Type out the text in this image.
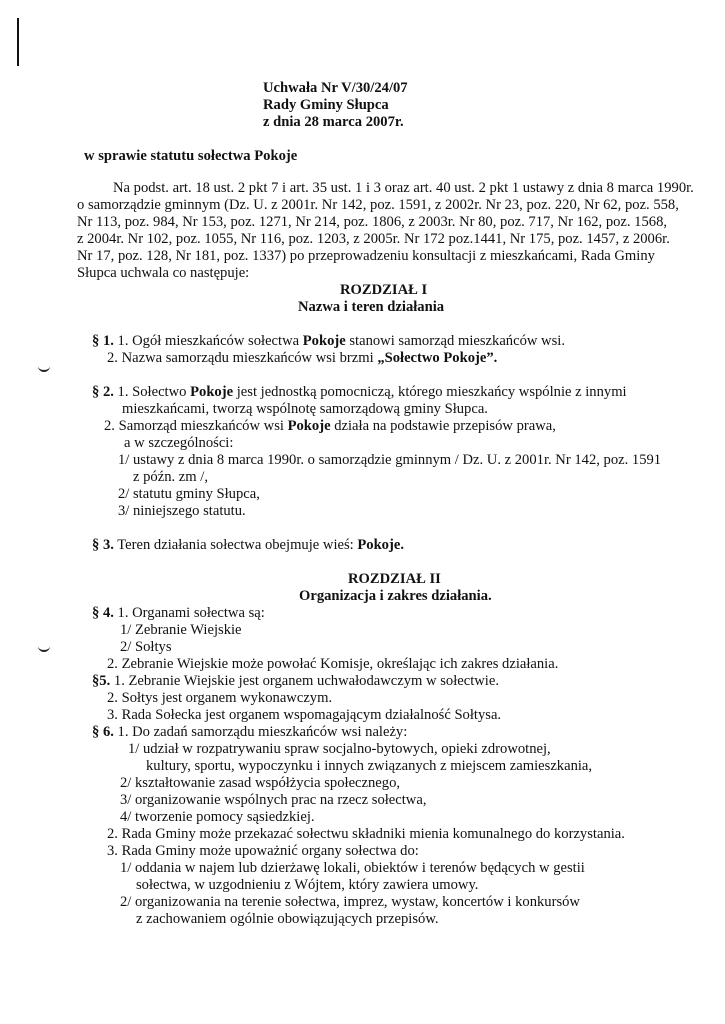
Uchwała Nr V/30/24/07
Rady Gminy Słupca
z dnia 28 marca 2007r.
w sprawie statutu sołectwa Pokoje
Na podst. art. 18 ust. 2 pkt 7 i art. 35 ust. 1 i 3 oraz art. 40 ust. 2 pkt 1 ustawy z dnia 8 marca 1990r.
o samorządzie gminnym (Dz. U. z 2001r. Nr 142, poz. 1591, z 2002r. Nr 23, poz. 220, Nr 62, poz. 558,
Nr 113, poz. 984, Nr 153, poz. 1271, Nr 214, poz. 1806, z 2003r. Nr 80, poz. 717, Nr 162, poz. 1568,
z 2004r. Nr 102, poz. 1055, Nr 116, poz. 1203, z 2005r. Nr 172 poz.1441, Nr 175, poz. 1457, z 2006r.
Nr 17, poz. 128, Nr 181, poz. 1337) po przeprowadzeniu konsultacji z mieszkańcami, Rada Gminy
Słupca uchwala co następuje:
ROZDZIAŁ I
Nazwa i teren działania
§ 1. 1. Ogół mieszkańców sołectwa Pokoje stanowi samorząd mieszkańców wsi.
2. Nazwa samorządu mieszkańców wsi brzmi „Sołectwo Pokoje”.
§ 2. 1. Sołectwo Pokoje jest jednostką pomocniczą, którego mieszkańcy wspólnie z innymi
mieszkańcami, tworzą wspólnotę samorządową gminy Słupca.
2. Samorząd mieszkańców wsi Pokoje działa na podstawie przepisów prawa,
a w szczególności:
1/ ustawy z dnia 8 marca 1990r. o samorządzie gminnym / Dz. U. z 2001r. Nr 142, poz. 1591
z późn. zm /,
2/ statutu gminy Słupca,
3/ niniejszego statutu.
§ 3. Teren działania sołectwa obejmuje wieś: Pokoje.
ROZDZIAŁ II
Organizacja i zakres działania.
§ 4. 1. Organami sołectwa są:
1/ Zebranie Wiejskie
2/ Sołtys
2. Zebranie Wiejskie może powołać Komisje, określając ich zakres działania.
§5. 1. Zebranie Wiejskie jest organem uchwałodawczym w sołectwie.
2. Sołtys jest organem wykonawczym.
3. Rada Sołecka jest organem wspomagającym działalność Sołtysa.
§ 6. 1. Do zadań samorządu mieszkańców wsi należy:
1/ udział w rozpatrywaniu spraw socjalno-bytowych, opieki zdrowotnej,
kultury, sportu, wypoczynku i innych związanych z miejscem zamieszkania,
2/ kształtowanie zasad współżycia społecznego,
3/ organizowanie wspólnych prac na rzecz sołectwa,
4/ tworzenie pomocy sąsiedzkiej.
2. Rada Gminy może przekazać sołectwu składniki mienia komunalnego do korzystania.
3. Rada Gminy może upoważnić organy sołectwa do:
1/ oddania w najem lub dzierżawę lokali, obiektów i terenów będących w gestii
sołectwa, w uzgodnieniu z Wójtem, który zawiera umowy.
2/ organizowania na terenie sołectwa, imprez, wystaw, koncertów i konkursów
z zachowaniem ogólnie obowiązujących przepisów.
